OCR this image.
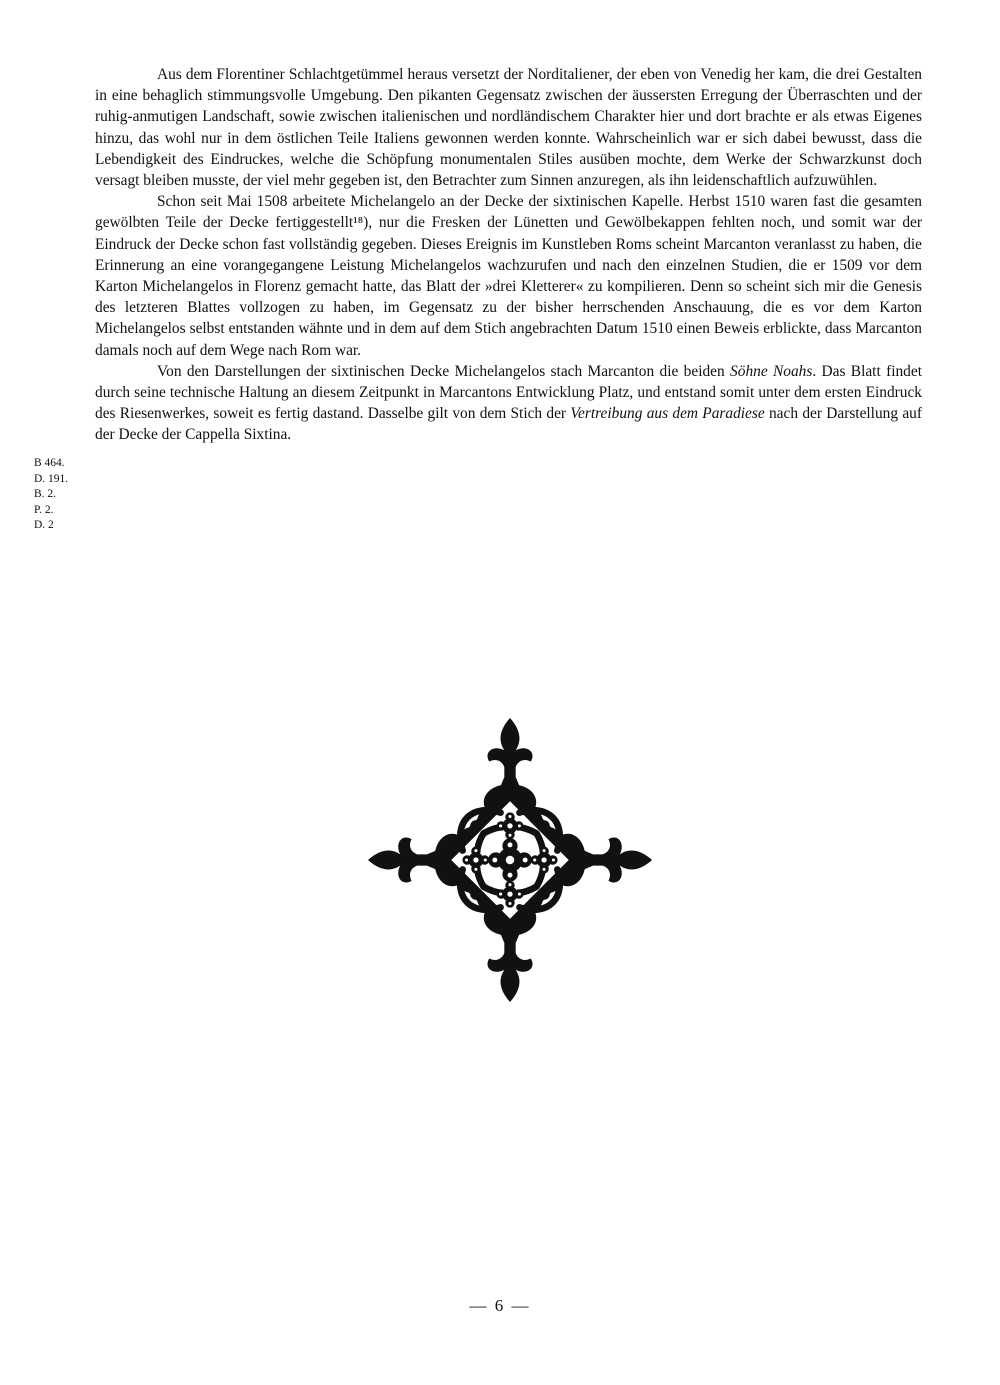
Aus dem Florentiner Schlachtgetümmel heraus versetzt der Norditaliener, der eben von Venedig her kam, die drei Gestalten in eine behaglich stimmungsvolle Umgebung. Den pikanten Gegensatz zwischen der äussersten Erregung der Überraschten und der ruhig-anmutigen Landschaft, sowie zwischen italienischen und nordländischem Charakter hier und dort brachte er als etwas Eigenes hinzu, das wohl nur in dem östlichen Teile Italiens gewonnen werden konnte. Wahrscheinlich war er sich dabei bewusst, dass die Lebendigkeit des Eindruckes, welche die Schöpfung monumentalen Stiles ausüben mochte, dem Werke der Schwarzkunst doch versagt bleiben musste, der viel mehr gegeben ist, den Betrachter zum Sinnen anzuregen, als ihn leidenschaftlich aufzuwühlen.

Schon seit Mai 1508 arbeitete Michelangelo an der Decke der sixtinischen Kapelle. Herbst 1510 waren fast die gesamten gewölbten Teile der Decke fertiggestellt¹⁸), nur die Fresken der Lünetten und Gewölbekappen fehlten noch, und somit war der Eindruck der Decke schon fast vollständig gegeben. Dieses Ereignis im Kunstleben Roms scheint Marcanton veranlasst zu haben, die Erinnerung an eine vorangegangene Leistung Michelangelos wachzurufen und nach den einzelnen Studien, die er 1509 vor dem Karton Michelangelos in Florenz gemacht hatte, das Blatt der »drei Kletterer« zu kompilieren. Denn so scheint sich mir die Genesis des letzteren Blattes vollzogen zu haben, im Gegensatz zu der bisher herrschenden Anschauung, die es vor dem Karton Michelangelos selbst entstanden wähnte und in dem auf dem Stich angebrachten Datum 1510 einen Beweis erblickte, dass Marcanton damals noch auf dem Wege nach Rom war.

Von den Darstellungen der sixtinischen Decke Michelangelos stach Marcanton die beiden Söhne Noahs. Das Blatt findet durch seine technische Haltung an diesem Zeitpunkt in Marcantons Entwicklung Platz, und entstand somit unter dem ersten Eindruck des Riesenwerkes, soweit es fertig dastand. Dasselbe gilt von dem Stich der Vertreibung aus dem Paradiese nach der Darstellung auf der Decke der Cappella Sixtina.

B 464.
D. 191.
B. 2.
P. 2.
D. 2
— 6 —
